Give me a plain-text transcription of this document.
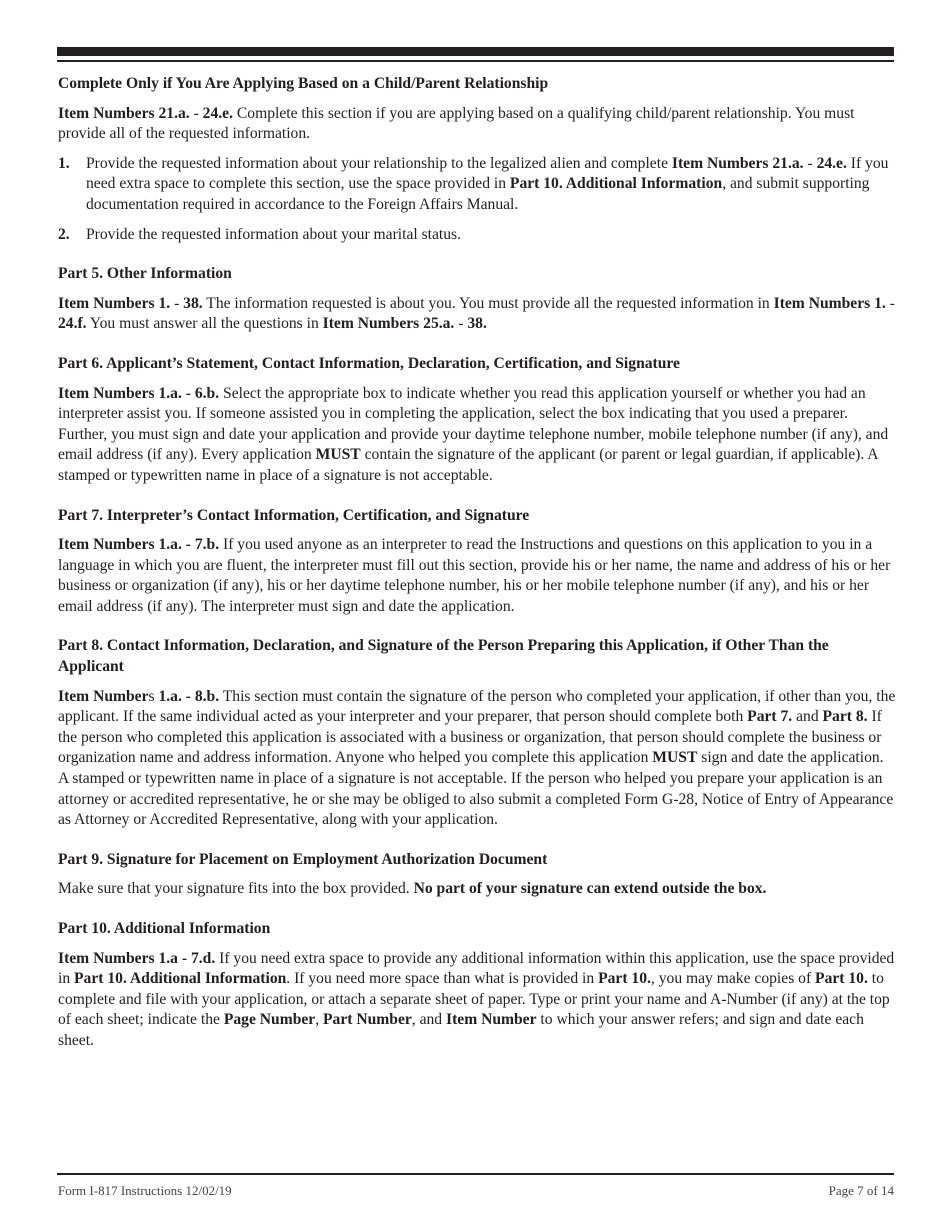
Complete Only if You Are Applying Based on a Child/Parent Relationship

Item Numbers 21.a. - 24.e. Complete this section if you are applying based on a qualifying child/parent relationship. You must provide all of the requested information.

1.	Provide the requested information about your relationship to the legalized alien and complete Item Numbers 21.a. - 24.e. If you need extra space to complete this section, use the space provided in Part 10. Additional Information, and submit supporting documentation required in accordance to the Foreign Affairs Manual.
2.	Provide the requested information about your marital status.
Part 5. Other Information

Item Numbers 1. - 38. The information requested is about you. You must provide all the requested information in Item Numbers 1. - 24.f. You must answer all the questions in Item Numbers 25.a. - 38.

Part 6. Applicant’s Statement, Contact Information, Declaration, Certification, and Signature

Item Numbers 1.a. - 6.b. Select the appropriate box to indicate whether you read this application yourself or whether you had an interpreter assist you. If someone assisted you in completing the application, select the box indicating that you used a preparer. Further, you must sign and date your application and provide your daytime telephone number, mobile telephone number (if any), and email address (if any). Every application MUST contain the signature of the applicant (or parent or legal guardian, if applicable). A stamped or typewritten name in place of a signature is not acceptable.

Part 7. Interpreter’s Contact Information, Certification, and Signature

Item Numbers 1.a. - 7.b. If you used anyone as an interpreter to read the Instructions and questions on this application to you in a language in which you are fluent, the interpreter must fill out this section, provide his or her name, the name and address of his or her business or organization (if any), his or her daytime telephone number, his or her mobile telephone number (if any), and his or her email address (if any). The interpreter must sign and date the application.

Part 8. Contact Information, Declaration, and Signature of the Person Preparing this Application, if Other Than the Applicant

Item Numbers 1.a. - 8.b. This section must contain the signature of the person who completed your application, if other than you, the applicant. If the same individual acted as your interpreter and your preparer, that person should complete both Part 7. and Part 8. If the person who completed this application is associated with a business or organization, that person should complete the business or organization name and address information. Anyone who helped you complete this application MUST sign and date the application. A stamped or typewritten name in place of a signature is not acceptable. If the person who helped you prepare your application is an attorney or accredited representative, he or she may be obliged to also submit a completed Form G-28, Notice of Entry of Appearance as Attorney or Accredited Representative, along with your application.

Part 9. Signature for Placement on Employment Authorization Document

Make sure that your signature fits into the box provided. No part of your signature can extend outside the box.

Part 10. Additional Information

Item Numbers 1.a - 7.d. If you need extra space to provide any additional information within this application, use the space provided in Part 10. Additional Information. If you need more space than what is provided in Part 10., you may make copies of Part 10. to complete and file with your application, or attach a separate sheet of paper. Type or print your name and A-Number (if any) at the top of each sheet; indicate the Page Number, Part Number, and Item Number to which your answer refers; and sign and date each sheet.

Form I-817 Instructions 12/02/19	Page 7 of 14
